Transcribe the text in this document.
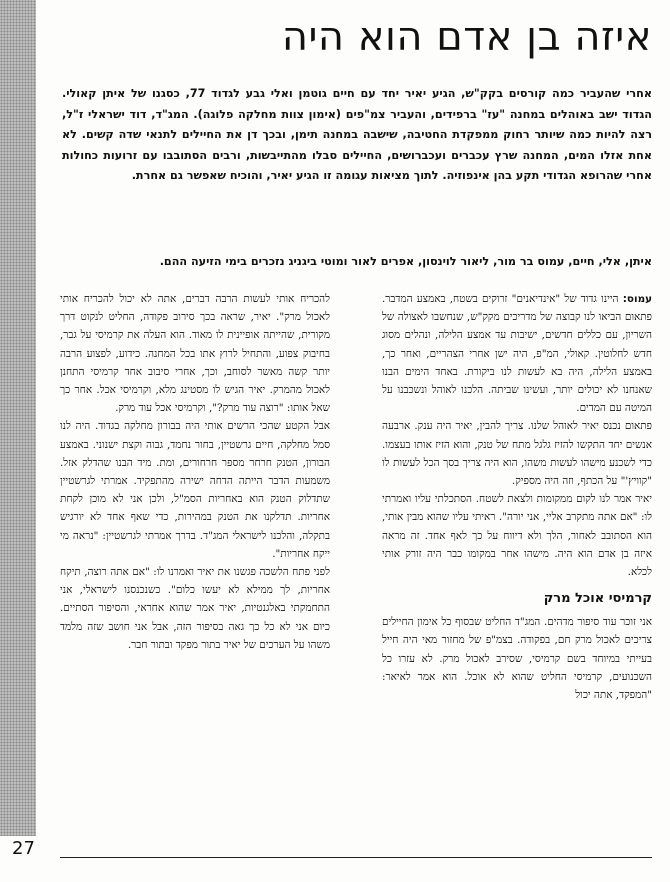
איזה בן אדם הוא היה

אחרי שהעביר כמה קורסים בקק"ש, הגיע יאיר יחד עם חיים גוטמן ואלי גבע לגדוד 77, כסגנו של איתן קאולי. הגדוד ישב באוהלים במחנה "עז" ברפידים, והעביר צמ"פים (אימון צוות מחלקה פלוגה). המג"ד, דוד ישראלי ז"ל, רצה להיות כמה שיותר רחוק ממפקדת החטיבה, שישבה במחנה תימן, ובכך דן את החיילים לתנאי שדה קשים. לא אחת אזלו המים, המחנה שרץ עכברים ועכברושים, החיילים סבלו מהתייבשות, ורבים הסתובבו עם זרועות כחולות אחרי שהרופא הגדודי תקע בהן אינפוזיה. לתוך מציאות עגומה זו הגיע יאיר, והוכיח שאפשר גם אחרת.

איתן, אלי, חיים, עמוס בר מור, ליאור לוינסון, אפרים לאור ומוטי ביגניג נזכרים בימי הזיעה ההם.

עמוס: היינו גדוד של "אינדיאנים" זרוקים בשטח, באמצע המדבר. פתאום הביאו לנו קבוצה של מדריכים מקק"ש, שנחשבו לאצולה של השריון, עם כללים חדשים, ישיבות עד אמצע הלילה, ונהלים מסוג חדש לחלוטין. קאולי, המ"פ, היה ישן אחרי הצהריים, ואחר כך, באמצע הלילה, היה בא לעשות לנו ביקורת. באחד הימים הבנו שאנחנו לא יכולים יותר, ועשינו שביתה. הלכנו לאוהל ונשכבנו על המיטה עם המדים.

פתאום נכנס יאיר לאוהל שלנו. צריך להבין, יאיר היה ענק. ארבעה אנשים יחד התקשו להזיז גלגל מתח של טנק, והוא הזיז אותו בעצמו. כדי לשכנע מישהו לעשות משהו, הוא היה צריך בסך הכל לעשות לו "קוויץ'" על הכתף, וזה היה מספיק.

יאיר אמר לנו לקום ממקומות ולצאת לשטח. הסתכלתי עליו ואמרתי לו: "אם אתה מתקרב אליי, אני יורה". ראיתי עליו שהוא מבין אותי, הוא הסתובב לאחור, הלך ולא דיווח על כך לאף אחד. זה מראה איזה בן אדם הוא היה. מישהו אחר במקומו כבר היה זורק אותי לכלא.

קרמיסי אוכל מרק

אני זוכר עוד סיפור מדהים. המג"ד החליט שבסוף כל אימון החיילים צריכים לאכול מרק חם, בפקודה. בצמ"פ של מחזור מאי היה חייל בעייתי במיוחד בשם קרמיסי, שסירב לאכול מרק. לא עזרו כל השכנועים, קרמיסי החליט שהוא לא אוכל. הוא אמר לאיאר: "המפקד, אתה יכול

להכריח אותי לעשות הרבה דברים, אתה לא יכול להכריח אותי לאכול מרק". יאיר, שראה בכך סירוב פקודה, החליט לנקוט דרך מקורית, שהייתה אופיינית לו מאוד. הוא העלה את קרמיסי על גבר, בחיבוק צפוע, והתחיל לרוץ אתו בכל המחנה. כידוע, לפצוע הרבה יותר קשה מאשר לסוחב, וכך, אחרי סיבוב אחד קרמיסי התחנן לאכול מהמרק. יאיר הגיש לו מסטינג מלא, וקרמיסי אכל. אחר כך שאל אותו: "רוצה עוד מרק?", וקרמיסי אכל עוד מרק.

אבל הקטע שהכי הרשים אותי היה בבורון מחלקה בגדוד. היה לנו סמל מחלקה, חיים גרשטיין, בחור נחמד, גבוה וקצת ישנוני. באמצע הבורון, הטנק חרחר מספר חרחורים, ומת. מיד הבנו שהדלק אזל. משמעות הדבר הייתה הדחה ישירה מהתפקיד. אמרתי לגרשטיין שתדלוק הטנק הוא באחריות הסמ"ל, ולכן אני לא מוכן לקחת אחריות. תדלקנו את הטנק במהירות, כדי שאף אחד לא יורגיש בתקלה, והלכנו לישראלי המג"ד. בדרך אמרתי לגרשטיין: "נראה מי ייקח אחריות".

לפני פתח הלשכה פגשנו את יאיר ואמרנו לו: "אם אתה רוצה, תיקח אחריות, לך ממילא לא יעשו כלום". כשנכנסנו לישראלי, אני התחמקתי באלגנטיות, יאיר אמר שהוא אחראי, והסיפור הסתיים. כיום אני לא כל כך גאה בסיפור הזה, אבל אני חושב שזה מלמד משהו על הערכים של יאיר בתור מפקד ובתור חבר.

27
